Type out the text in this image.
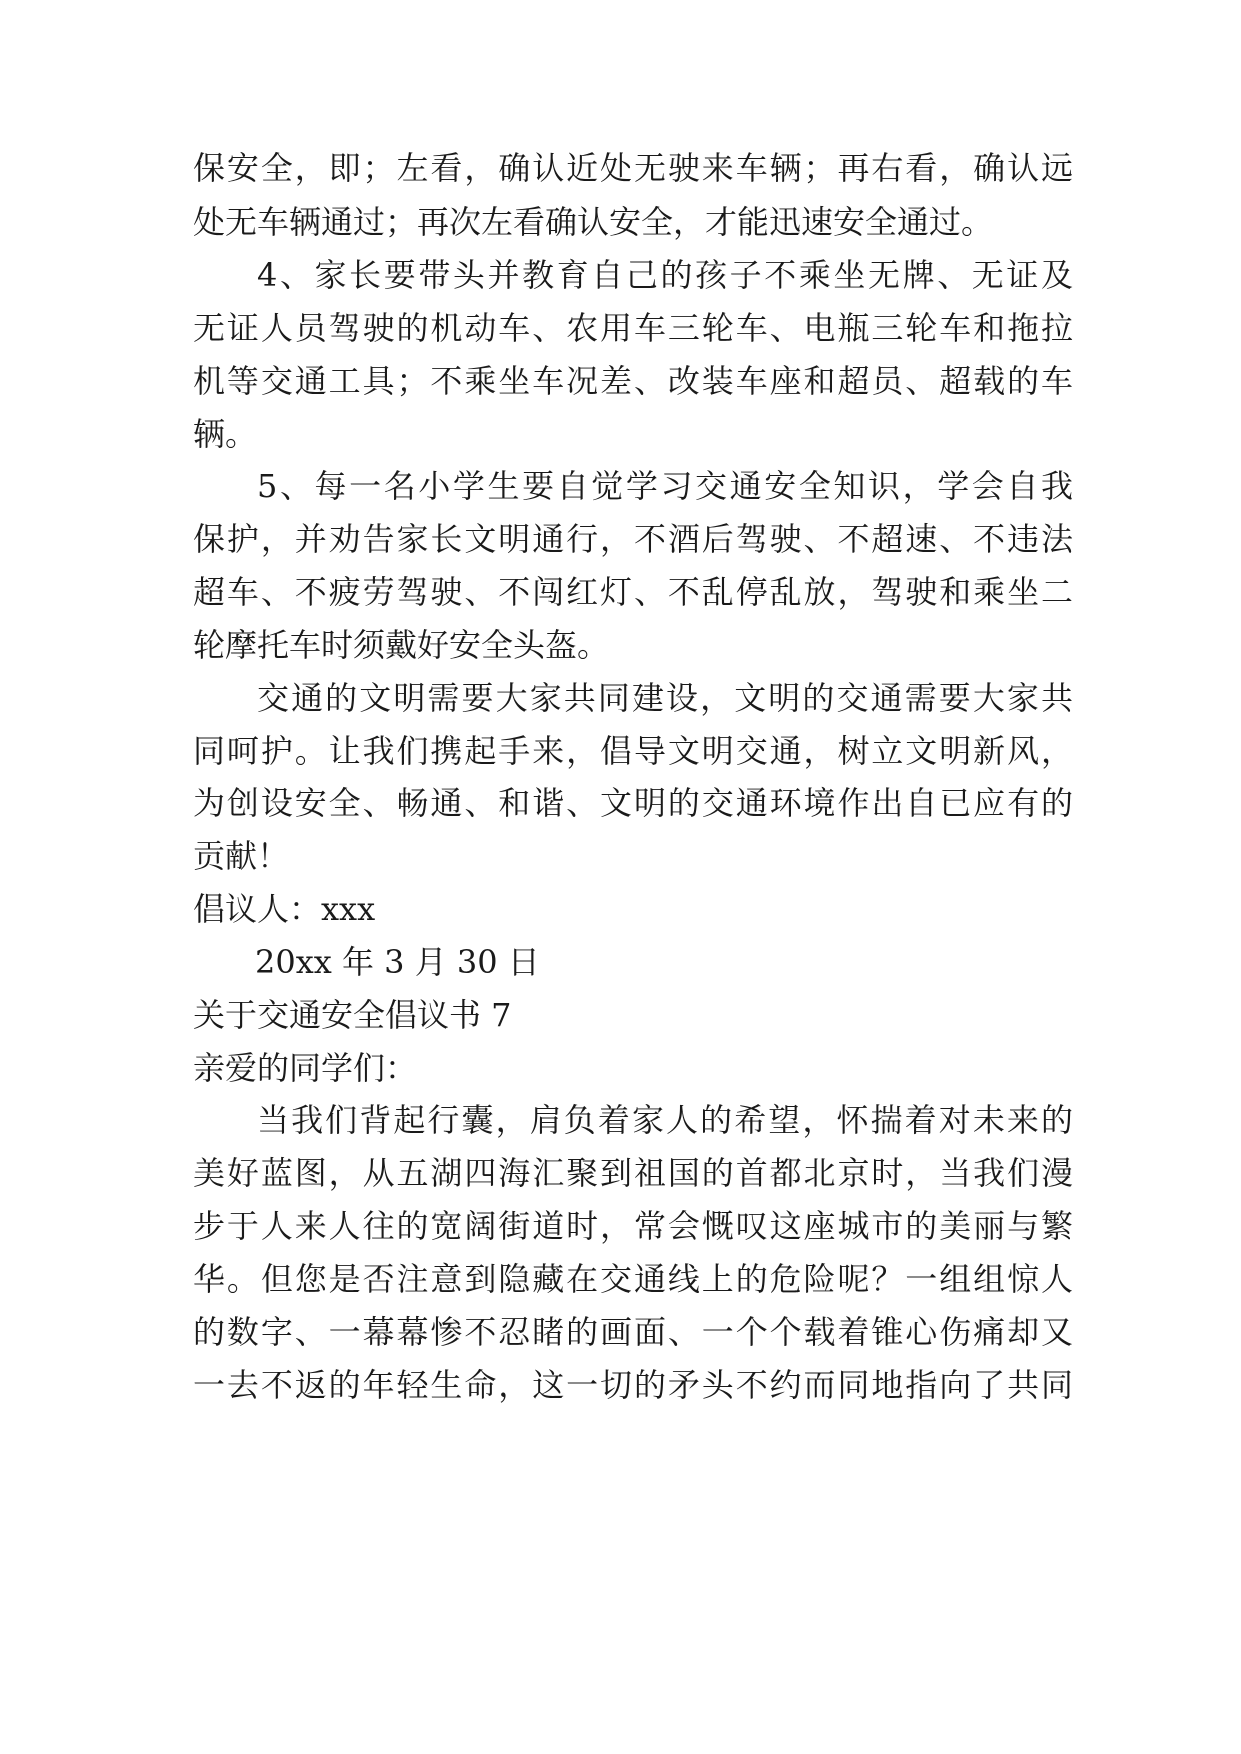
保安全，即；左看，确认近处无驶来车辆；再右看，确认远
处无车辆通过；再次左看确认安全，才能迅速安全通过。
4、家长要带头并教育自己的孩子不乘坐无牌、无证及
无证人员驾驶的机动车、农用车三轮车、电瓶三轮车和拖拉
机等交通工具；不乘坐车况差、改装车座和超员、超载的车
辆。
5、每一名小学生要自觉学习交通安全知识，学会自我
保护，并劝告家长文明通行，不酒后驾驶、不超速、不违法
超车、不疲劳驾驶、不闯红灯、不乱停乱放，驾驶和乘坐二
轮摩托车时须戴好安全头盔。
交通的文明需要大家共同建设，文明的交通需要大家共
同呵护。让我们携起手来，倡导文明交通，树立文明新风，
为创设安全、畅通、和谐、文明的交通环境作出自已应有的
贡献！
倡议人：xxx
20xx 年 3 月 30 日
关于交通安全倡议书 7
亲爱的同学们：
当我们背起行囊，肩负着家人的希望，怀揣着对未来的
美好蓝图，从五湖四海汇聚到祖国的首都北京时，当我们漫
步于人来人往的宽阔街道时，常会慨叹这座城市的美丽与繁
华。但您是否注意到隐藏在交通线上的危险呢？一组组惊人
的数字、一幕幕惨不忍睹的画面、一个个载着锥心伤痛却又
一去不返的年轻生命，这一切的矛头不约而同地指向了共同
